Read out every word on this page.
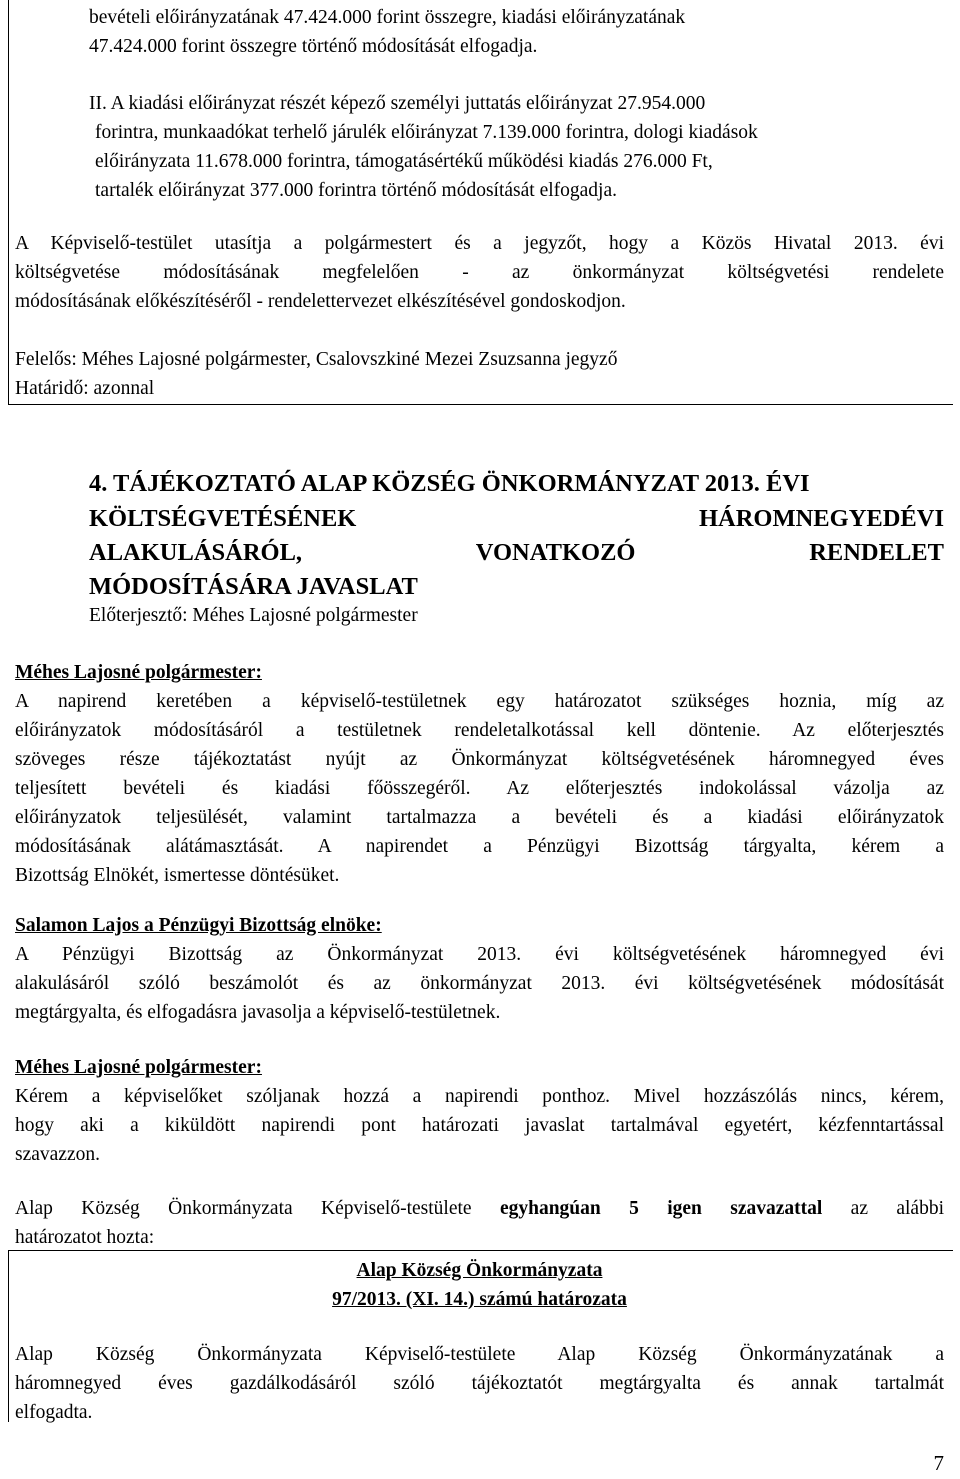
bevételi előirányzatának 47.424.000 forint összegre, kiadási előirányzatának
47.424.000 forint összegre történő módosítását elfogadja.
II. A kiadási előirányzat részét képező személyi juttatás előirányzat 27.954.000
forintra, munkaadókat terhelő járulék előirányzat 7.139.000 forintra, dologi kiadások
előirányzata 11.678.000 forintra, támogatásértékű működési kiadás 276.000 Ft,
tartalék előirányzat 377.000 forintra történő módosítását elfogadja.
A Képviselő-testület utasítja a polgármestert és a jegyzőt, hogy a Közös Hivatal 2013. évi
költségvetése módosításának megfelelően - az önkormányzat költségvetési rendelete
módosításának előkészítéséről - rendelettervezet elkészítésével gondoskodjon.
Felelős: Méhes Lajosné polgármester, Csalovszkiné Mezei Zsuzsanna jegyző
Határidő: azonnal
4. TÁJÉKOZTATÓ ALAP KÖZSÉG ÖNKORMÁNYZAT 2013. ÉVI
KÖLTSÉGVETÉSÉNEK	HÁROMNEGYEDÉVI
ALAKULÁSÁRÓL,	VONATKOZÓ	RENDELET
MÓDOSÍTÁSÁRA JAVASLAT
Előterjesztő: Méhes Lajosné polgármester
Méhes Lajosné polgármester:
A napirend keretében a képviselő-testületnek egy határozatot szükséges hoznia, míg az
előirányzatok módosításáról a testületnek rendeletalkotással kell döntenie. Az előterjesztés
szöveges része tájékoztatást nyújt az Önkormányzat költségvetésének háromnegyed éves
teljesített bevételi és kiadási főösszegéről. Az előterjesztés indokolással vázolja az
előirányzatok teljesülését, valamint tartalmazza a bevételi és a kiadási előirányzatok
módosításának alátámasztását. A napirendet a Pénzügyi Bizottság tárgyalta, kérem a
Bizottság Elnökét, ismertesse döntésüket.
Salamon Lajos a Pénzügyi Bizottság elnöke:
A Pénzügyi Bizottság az Önkormányzat 2013. évi költségvetésének háromnegyed évi
alakulásáról szóló beszámolót és az önkormányzat 2013. évi költségvetésének módosítását
megtárgyalta, és elfogadásra javasolja a képviselő-testületnek.
Méhes Lajosné polgármester:
Kérem a képviselőket szóljanak hozzá a napirendi ponthoz. Mivel hozzászólás nincs, kérem,
hogy aki a kiküldött napirendi pont határozati javaslat tartalmával egyetért, kézfenntartással
szavazzon.
Alap Község Önkormányzata Képviselő-testülete egyhangúan 5 igen szavazattal az alábbi
határozatot hozta:
Alap Község Önkormányzata
97/2013. (XI. 14.) számú határozata
Alap Község Önkormányzata Képviselő-testülete Alap Község Önkormányzatának a
háromnegyed éves gazdálkodásáról szóló tájékoztatót megtárgyalta és annak tartalmát
elfogadta.
7
